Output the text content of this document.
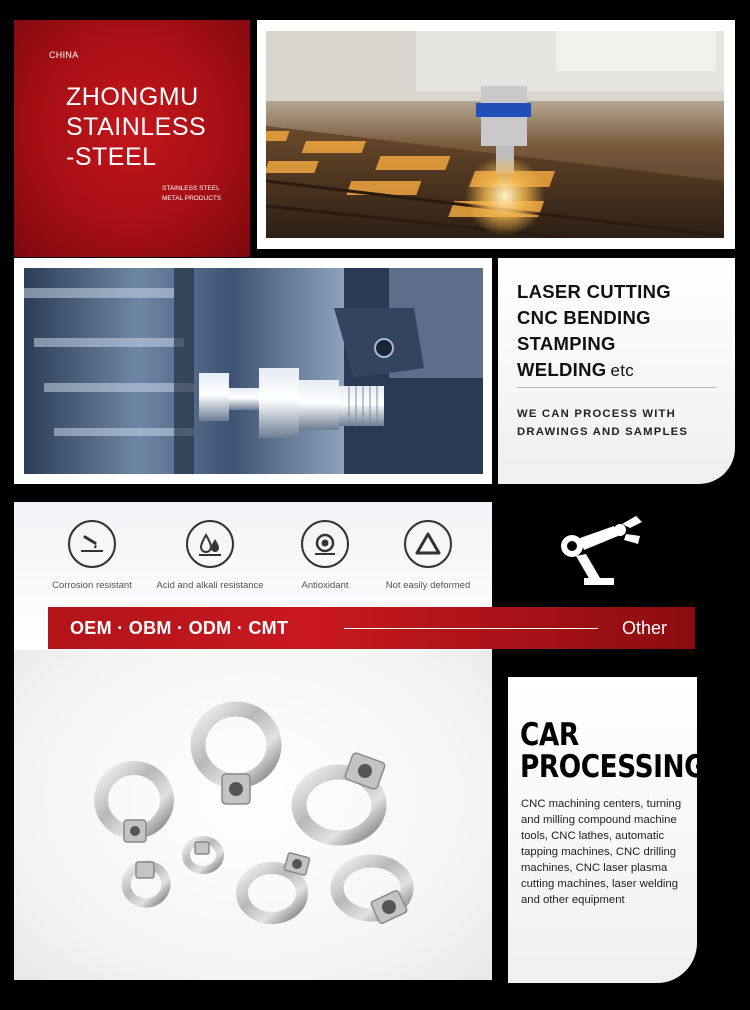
CHINA
ZHONGMU
STAINLESS
-STEEL
STAINLESS STEEL
METAL PRODUCTS
LASER CUTTING
CNC BENDING
STAMPING
WELDING etc
WE CAN PROCESS WITH
DRAWINGS AND SAMPLES
Corrosion resistant	Acid and alkali resistance	Antioxidant	Not easily deformed
OEM · OBM · ODM · CMT	Other
CAR
PROCESSING
CNC machining centers, turning and milling compound machine tools, CNC lathes, automatic tapping machines, CNC drilling machines, CNC laser plasma cutting machines, laser welding and other equipment
